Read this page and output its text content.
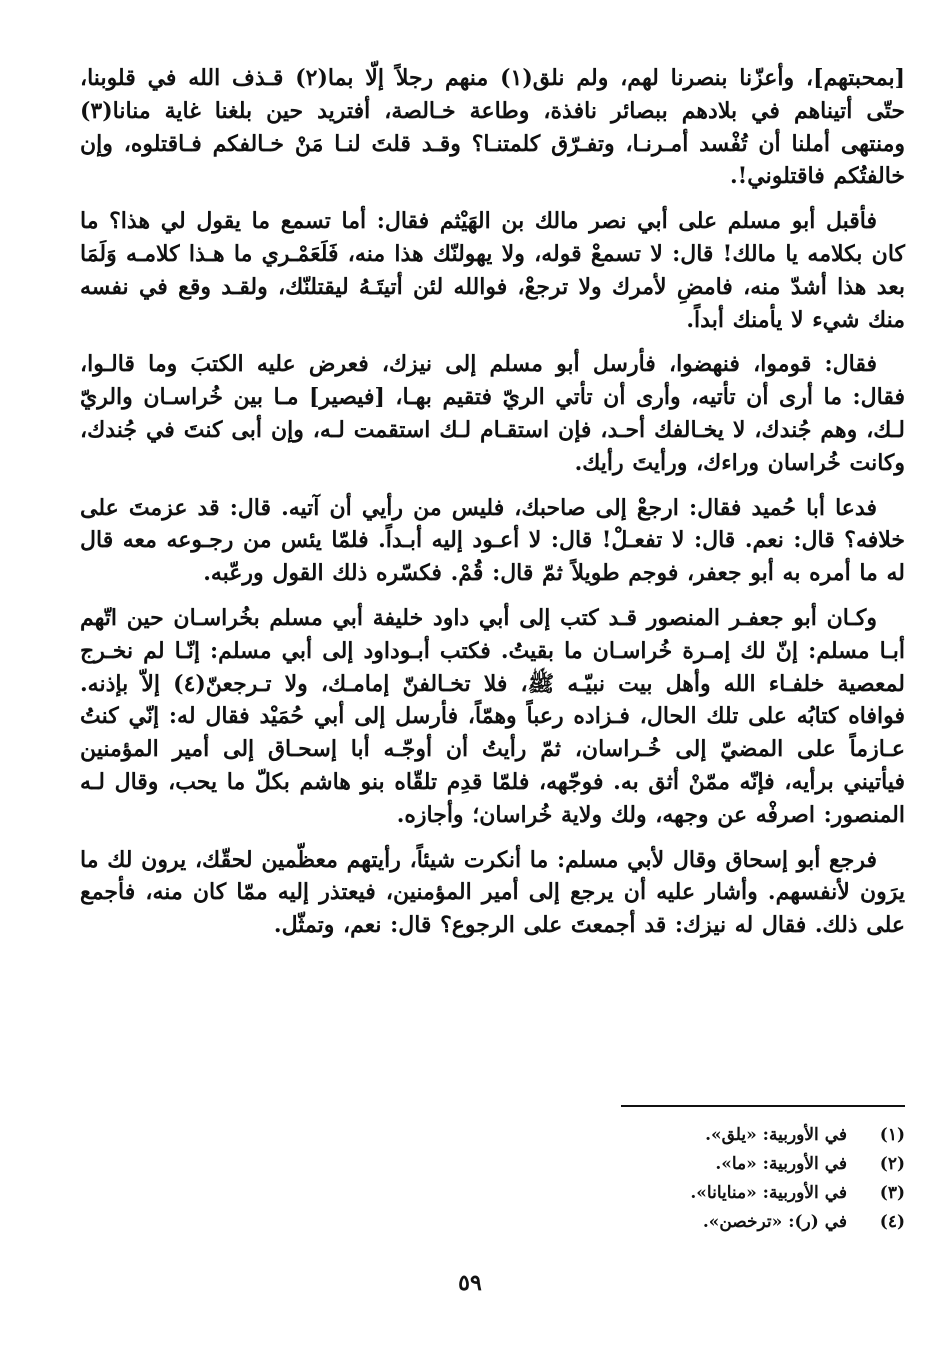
[بمحبتهم]، وأعزّنا بنصرنا لهم، ولم نلق(١) منهم رجلاً إلّا بما(٢) قـذف الله في قلوبنا، حتّى أتيناهم في بلادهم ببصائر نافذة، وطاعة خـالصة، أفتريد حين بلغنا غاية منانا(٣) ومنتهى أملنا أن تُفْسد أمـرنـا، وتفـرّق كلمتنـا؟ وقـد قلتَ لنـا مَنْ خـالفكم فـاقتلوه، وإن خالفتُكم فاقتلوني!.

فأقبل أبو مسلم على أبي نصر مالك بن الهَيْثم فقال: أما تسمع ما يقول لي هذا؟ ما كان بكلامه يا مالك! قال: لا تسمعْ قوله، ولا يهولنّك هذا منه، فَلَعَمْـري ما هـذا كلامـه وَلَمَا بعد هذا أشدّ منه، فامضِ لأمرك ولا ترجعْ، فوالله لئن أتيتَـهُ ليقتلنّك، ولقـد وقع في نفسه منك شيء لا يأمنك أبداً.

فقال: قوموا، فنهضوا، فأرسل أبو مسلم إلى نيزك، فعرض عليه الكتبَ وما قالـوا، فقال: ما أرى أن تأتيه، وأرى أن تأتي الريّ فتقيم بهـا، [فيصير] مـا بين خُراسـان والريّ لـك، وهم جُندك، لا يخـالفك أحـد، فإن استقـام لـك استقمت لـه، وإن أبى كنتَ في جُندك، وكانت خُراسان وراءك، ورأيتَ رأيك.

فدعا أبا حُميد فقال: ارجعْ إلى صاحبك، فليس من رأيي أن آتيه. قال: قد عزمتَ على خلافه؟ قال: نعم. قال: لا تفعـلْ! قال: لا أعـود إليه أبـداً. فلمّا يئس من رجـوعه معه قال له ما أمره به أبو جعفر، فوجم طويلاً ثمّ قال: قُمْ. فكسّره ذلك القول ورعّبه.

وكـان أبو جعفـر المنصور قـد كتب إلى أبي داود خليفة أبي مسلم بخُراسـان حين اتّهم أبـا مسلم: إنّ لك إمـرة خُراسـان ما بقيتُ. فكتب أبـوداود إلى أبي مسلم: إنّـا لم نخـرج لمعصية خلفـاء الله وأهل بيت نبيّـه ﷺ، فلا تخـالفنّ إمامـك، ولا تـرجعنّ(٤) إلاّ بإذنه. فوافاه كتابُه على تلك الحال، فـزاده رعباً وهمّاً، فأرسل إلى أبي حُمَيْد فقال له: إنّي كنتُ عـازماً على المضيّ إلى خُـراسان، ثمّ رأيتُ أن أوجّـه أبا إسحـاق إلى أمير المؤمنين فيأتيني برأيه، فإنّه ممّنْ أثق به. فوجّهه، فلمّا قدِم تلقّاه بنو هاشم بكلّ ما يحب، وقال لـه المنصور: اصرفْه عن وجهه، ولك ولاية خُراسان؛ وأجازه.

فرجع أبو إسحاق وقال لأبي مسلم: ما أنكرت شيئاً، رأيتهم معظّمين لحقّك، يرون لك ما يرَون لأنفسهم. وأشار عليه أن يرجع إلى أمير المؤمنين، فيعتذر إليه ممّا كان منه، فأجمع على ذلك. فقال له نيزك: قد أجمعتَ على الرجوع؟ قال: نعم، وتمثّل.

(١)
في الأوربية: «يلق».
(٢)
في الأوربية: «ما».
(٣)
في الأوربية: «منايانا».
(٤)
في (ر): «ترخصن».
٥٩
